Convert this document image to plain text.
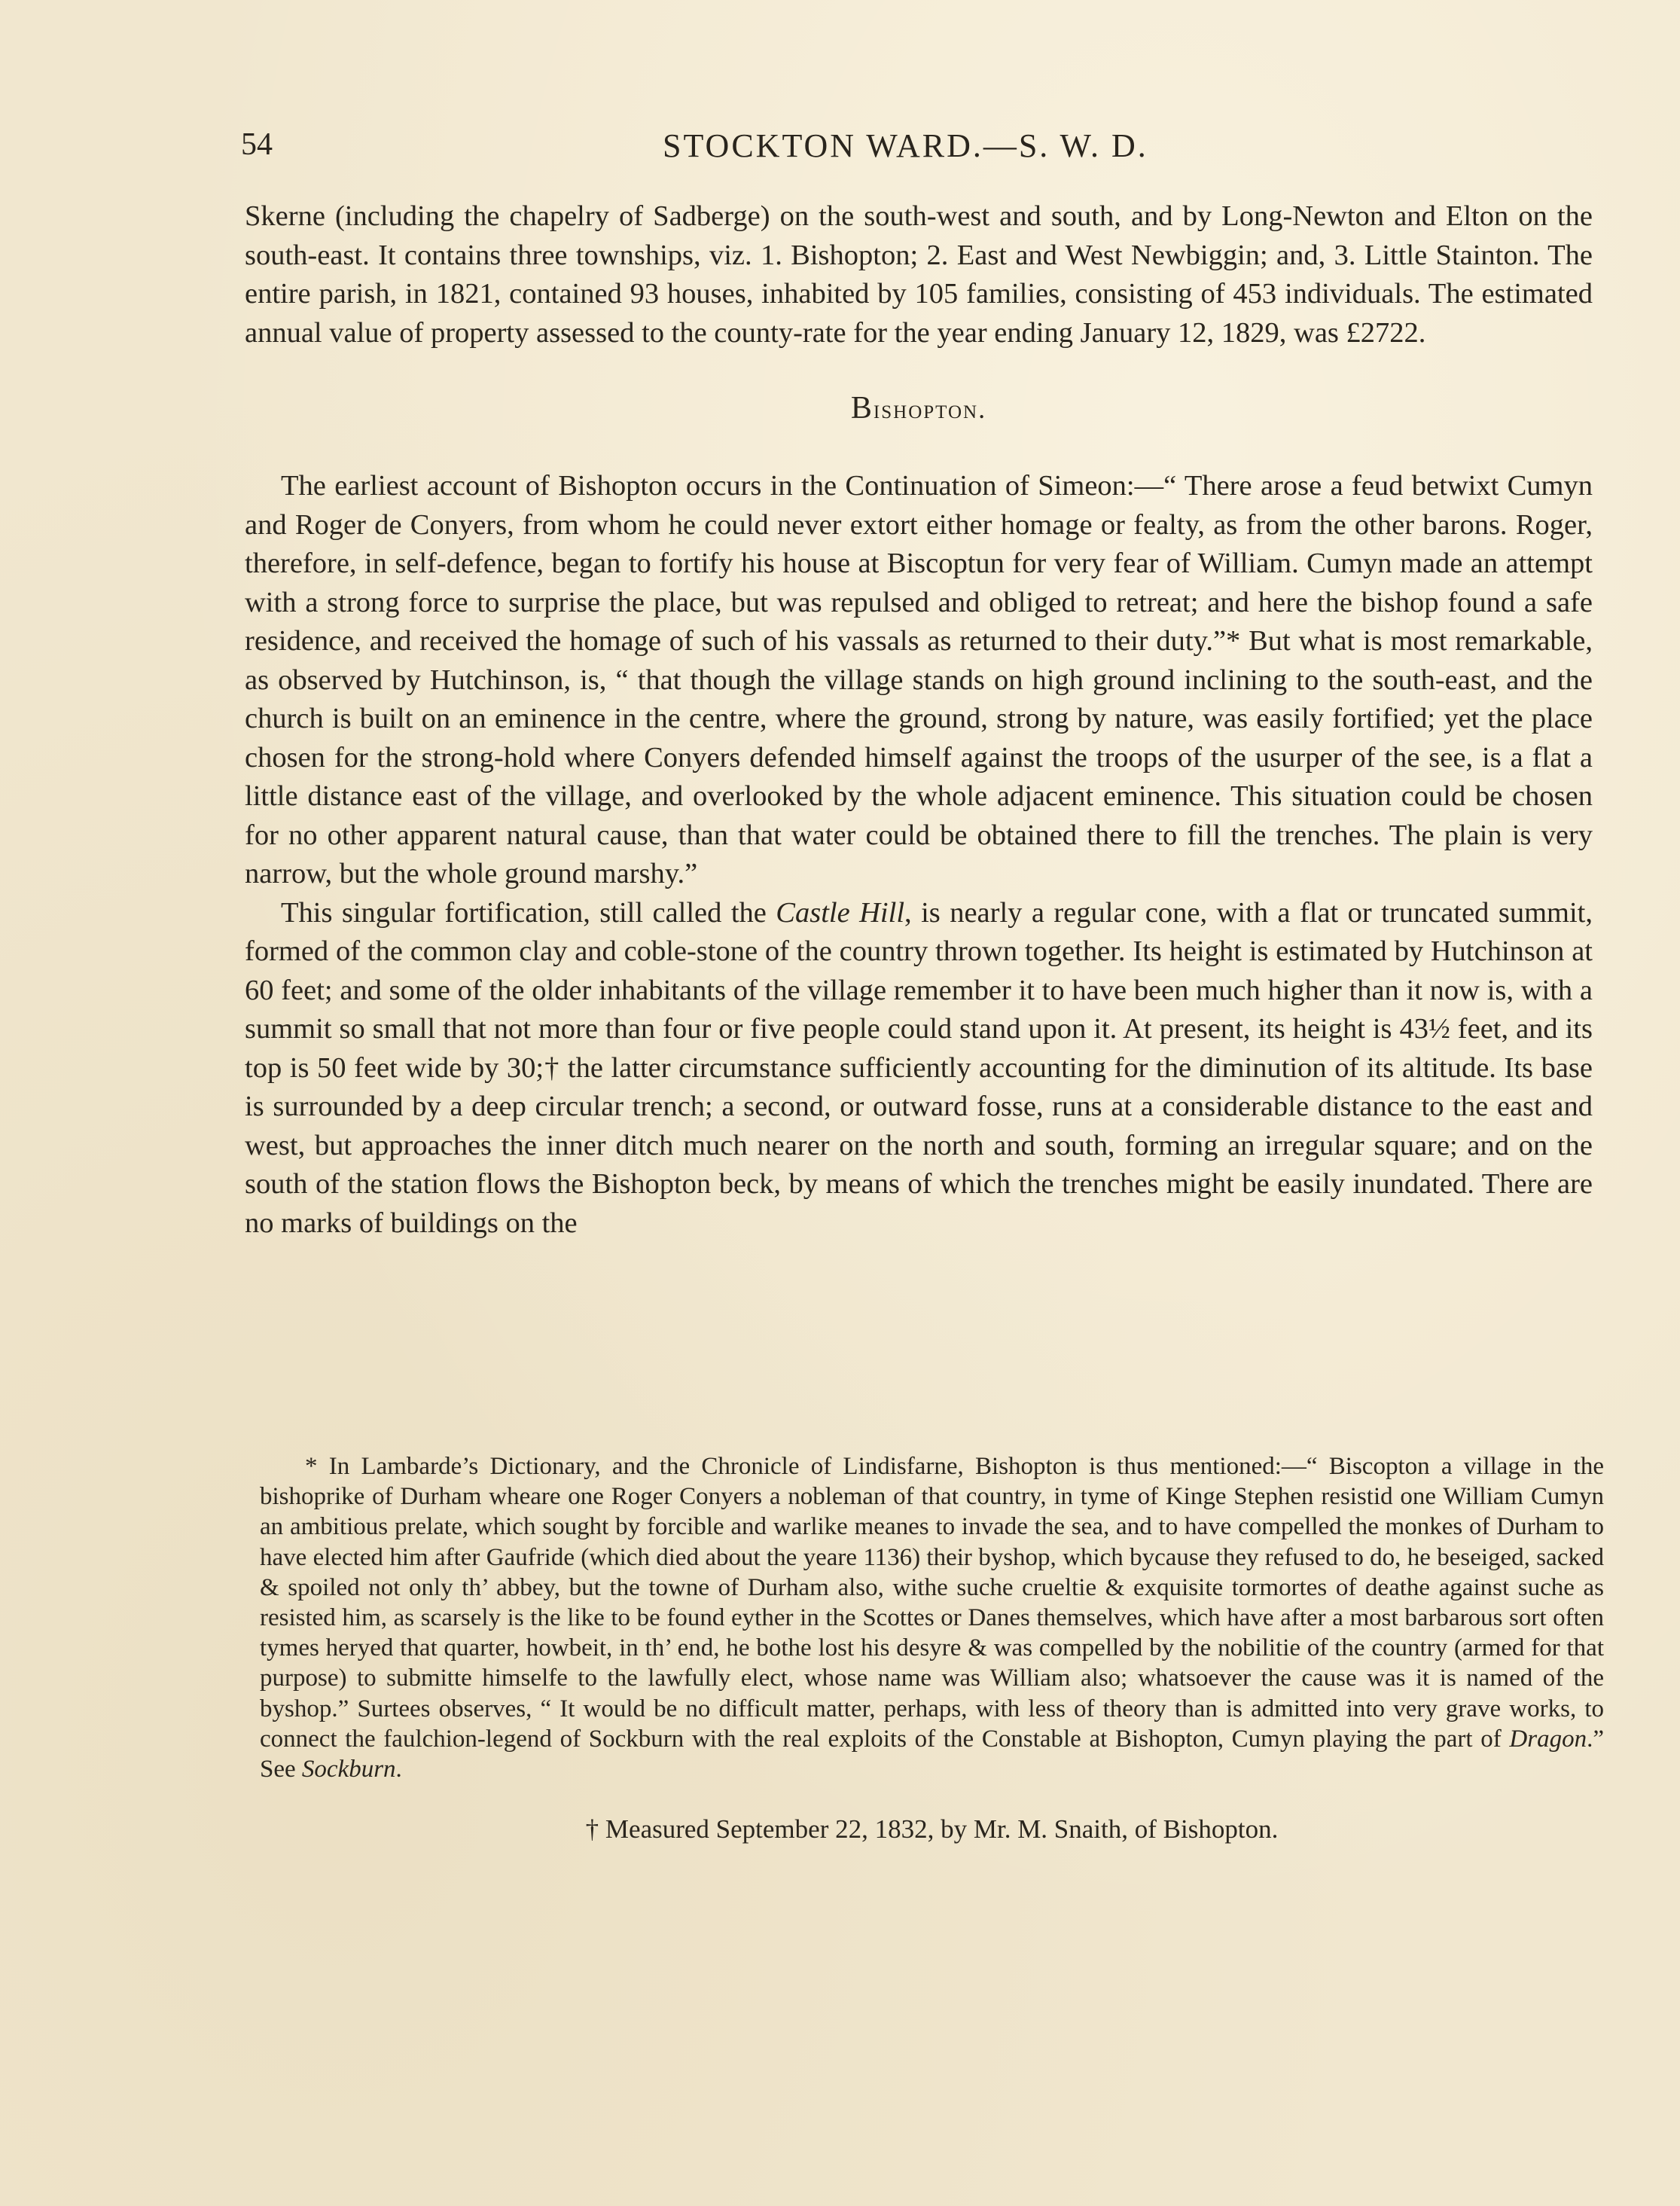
54	STOCKTON WARD.—S. W. D.

Skerne (including the chapelry of Sadberge) on the south-west and south, and by Long-Newton and Elton on the south-east. It contains three townships, viz. 1. Bishopton; 2. East and West Newbiggin; and, 3. Little Stainton. The entire parish, in 1821, contained 93 houses, inhabited by 105 families, consisting of 453 individuals. The estimated annual value of property assessed to the county-rate for the year ending January 12, 1829, was £2722.

Bishopton.

The earliest account of Bishopton occurs in the Continuation of Simeon:—“ There arose a feud betwixt Cumyn and Roger de Conyers, from whom he could never extort either homage or fealty, as from the other barons. Roger, therefore, in self-defence, began to fortify his house at Biscoptun for very fear of William. Cumyn made an attempt with a strong force to surprise the place, but was repulsed and obliged to retreat; and here the bishop found a safe residence, and received the homage of such of his vassals as returned to their duty.”* But what is most remarkable, as observed by Hutchinson, is, “ that though the village stands on high ground inclining to the south-east, and the church is built on an eminence in the centre, where the ground, strong by nature, was easily fortified; yet the place chosen for the strong-hold where Conyers defended himself against the troops of the usurper of the see, is a flat a little distance east of the village, and overlooked by the whole adjacent eminence. This situation could be chosen for no other apparent natural cause, than that water could be obtained there to fill the trenches. The plain is very narrow, but the whole ground marshy.”

This singular fortification, still called the Castle Hill, is nearly a regular cone, with a flat or truncated summit, formed of the common clay and coble-stone of the country thrown together. Its height is estimated by Hutchinson at 60 feet; and some of the older inhabitants of the village remember it to have been much higher than it now is, with a summit so small that not more than four or five people could stand upon it. At present, its height is 43½ feet, and its top is 50 feet wide by 30;† the latter circumstance sufficiently accounting for the diminution of its altitude. Its base is surrounded by a deep circular trench; a second, or outward fosse, runs at a considerable distance to the east and west, but approaches the inner ditch much nearer on the north and south, forming an irregular square; and on the south of the station flows the Bishopton beck, by means of which the trenches might be easily inundated. There are no marks of buildings on the

* In Lambarde’s Dictionary, and the Chronicle of Lindisfarne, Bishopton is thus mentioned:—“ Biscopton a village in the bishoprike of Durham wheare one Roger Conyers a nobleman of that country, in tyme of Kinge Stephen resistid one William Cumyn an ambitious prelate, which sought by forcible and warlike meanes to invade the sea, and to have compelled the monkes of Durham to have elected him after Gaufride (which died about the yeare 1136) their byshop, which bycause they refused to do, he beseiged, sacked & spoiled not only th’ abbey, but the towne of Durham also, withe suche crueltie & exquisite tormortes of deathe against suche as resisted him, as scarsely is the like to be found eyther in the Scottes or Danes themselves, which have after a most barbarous sort often tymes heryed that quarter, howbeit, in th’ end, he bothe lost his desyre & was compelled by the nobilitie of the country (armed for that purpose) to submitte himselfe to the lawfully elect, whose name was William also; whatsoever the cause was it is named of the byshop.” Surtees observes, “ It would be no difficult matter, perhaps, with less of theory than is admitted into very grave works, to connect the faulchion-legend of Sockburn with the real exploits of the Constable at Bishopton, Cumyn playing the part of Dragon.” See Sockburn.

† Measured September 22, 1832, by Mr. M. Snaith, of Bishopton.
